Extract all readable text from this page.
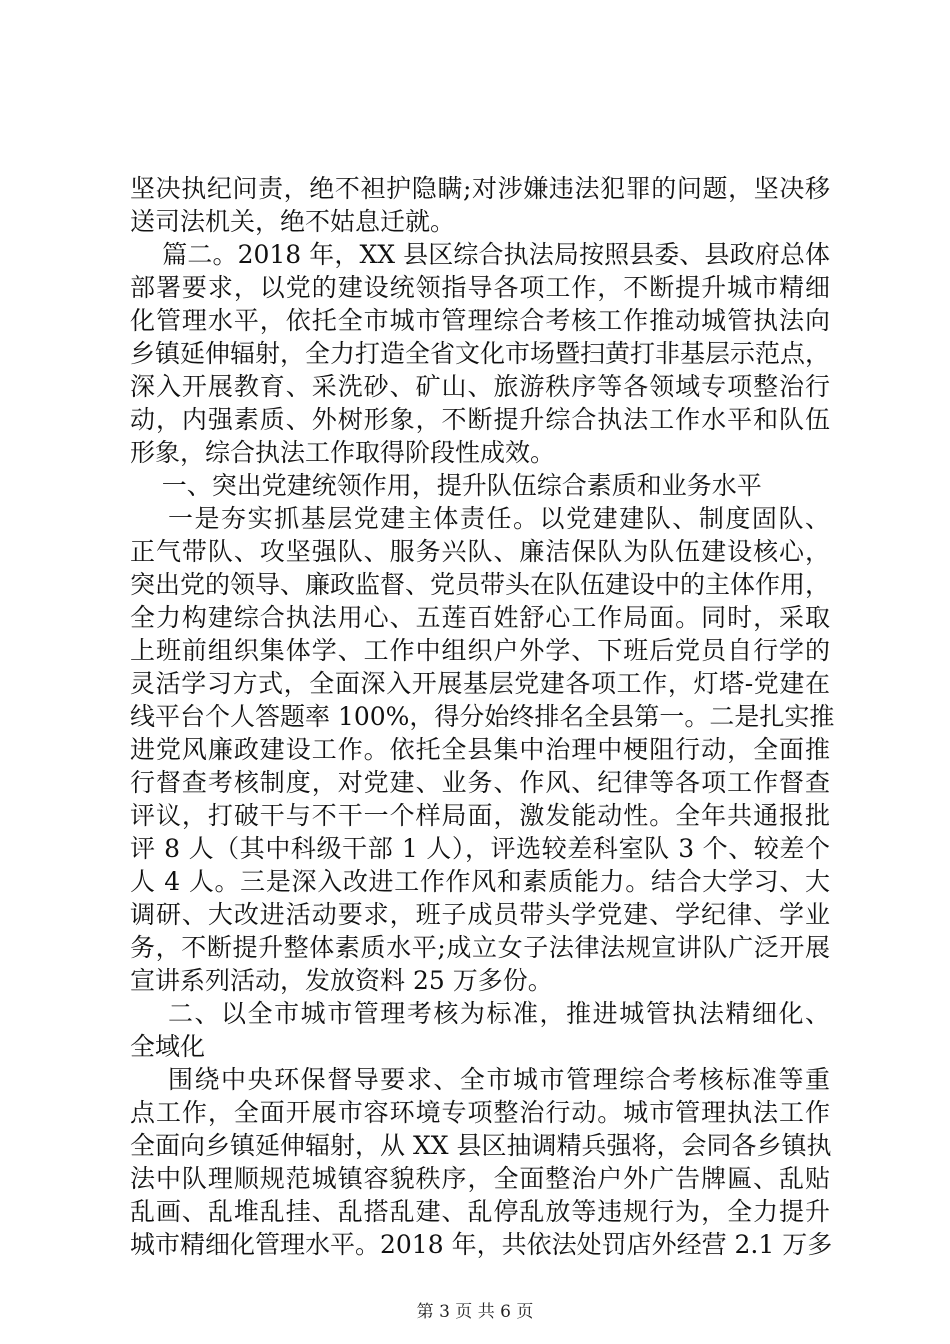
坚决执纪问责，绝不袒护隐瞒;对涉嫌违法犯罪的问题，坚决移
送司法机关，绝不姑息迁就。
篇二。2018 年，XX 县区综合执法局按照县委、县政府总体
部署要求，以党的建设统领指导各项工作，不断提升城市精细
化管理水平，依托全市城市管理综合考核工作推动城管执法向
乡镇延伸辐射，全力打造全省文化市场暨扫黄打非基层示范点，
深入开展教育、采洗砂、矿山、旅游秩序等各领域专项整治行
动，内强素质、外树形象，不断提升综合执法工作水平和队伍
形象，综合执法工作取得阶段性成效。
一、突出党建统领作用，提升队伍综合素质和业务水平
一是夯实抓基层党建主体责任。以党建建队、制度固队、
正气带队、攻坚强队、服务兴队、廉洁保队为队伍建设核心，
突出党的领导、廉政监督、党员带头在队伍建设中的主体作用，
全力构建综合执法用心、五莲百姓舒心工作局面。同时，采取
上班前组织集体学、工作中组织户外学、下班后党员自行学的
灵活学习方式，全面深入开展基层党建各项工作，灯塔-党建在
线平台个人答题率 100%，得分始终排名全县第一。二是扎实推
进党风廉政建设工作。依托全县集中治理中梗阻行动，全面推
行督查考核制度，对党建、业务、作风、纪律等各项工作督查
评议，打破干与不干一个样局面，激发能动性。全年共通报批
评 8 人（其中科级干部 1 人），评选较差科室队 3 个、较差个
人 4 人。三是深入改进工作作风和素质能力。结合大学习、大
调研、大改进活动要求，班子成员带头学党建、学纪律、学业
务，不断提升整体素质水平;成立女子法律法规宣讲队广泛开展
宣讲系列活动，发放资料 25 万多份。
二、以全市城市管理考核为标准，推进城管执法精细化、
全域化
围绕中央环保督导要求、全市城市管理综合考核标准等重
点工作，全面开展市容环境专项整治行动。城市管理执法工作
全面向乡镇延伸辐射，从 XX 县区抽调精兵强将，会同各乡镇执
法中队理顺规范城镇容貌秩序，全面整治户外广告牌匾、乱贴
乱画、乱堆乱挂、乱搭乱建、乱停乱放等违规行为，全力提升
城市精细化管理水平。2018 年，共依法处罚店外经营 2.1 万多
第 3 页 共 6 页
